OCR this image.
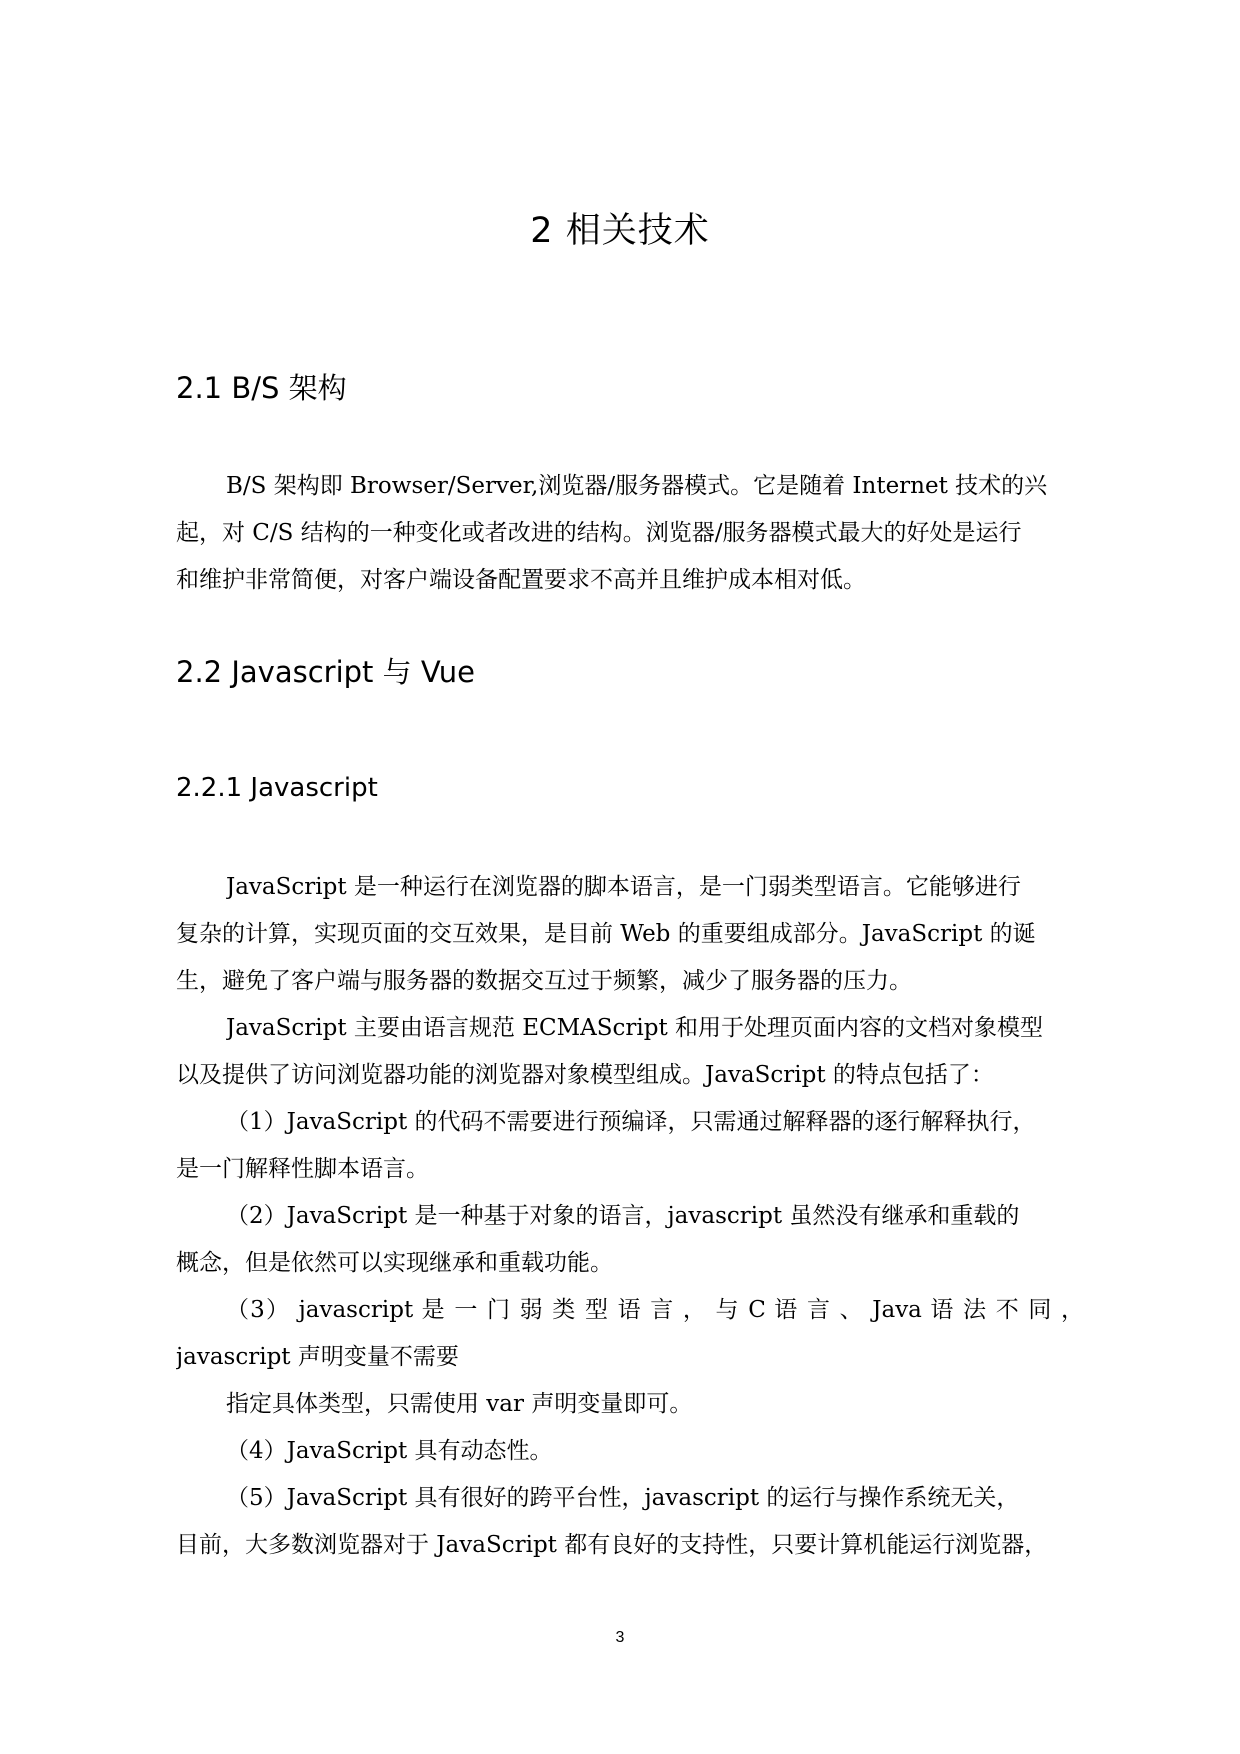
2 相关技术
2.1 B/S 架构
B/S 架构即 Browser/Server,浏览器/服务器模式。它是随着 Internet 技术的兴
起，对 C/S 结构的一种变化或者改进的结构。浏览器/服务器模式最大的好处是运行
和维护非常简便，对客户端设备配置要求不高并且维护成本相对低。
2.2 Javascript 与 Vue
2.2.1 Javascript
JavaScript 是一种运行在浏览器的脚本语言，是一门弱类型语言。它能够进行
复杂的计算，实现页面的交互效果，是目前 Web 的重要组成部分。JavaScript 的诞
生，避免了客户端与服务器的数据交互过于频繁，减少了服务器的压力。
JavaScript 主要由语言规范 ECMAScript 和用于处理页面内容的文档对象模型
以及提供了访问浏览器功能的浏览器对象模型组成。JavaScript 的特点包括了：
（1）JavaScript 的代码不需要进行预编译，只需通过解释器的逐行解释执行，
是一门解释性脚本语言。
（2）JavaScript 是一种基于对象的语言，javascript 虽然没有继承和重载的
概念，但是依然可以实现继承和重载功能。
（3） javascript 是 一 门 弱 类 型 语 言 ， 与 C 语 言 、 Java 语 法 不 同 ，
javascript 声明变量不需要
指定具体类型，只需使用 var 声明变量即可。
（4）JavaScript 具有动态性。
（5）JavaScript 具有很好的跨平台性，javascript 的运行与操作系统无关，
目前，大多数浏览器对于 JavaScript 都有良好的支持性，只要计算机能运行浏览器，
3
